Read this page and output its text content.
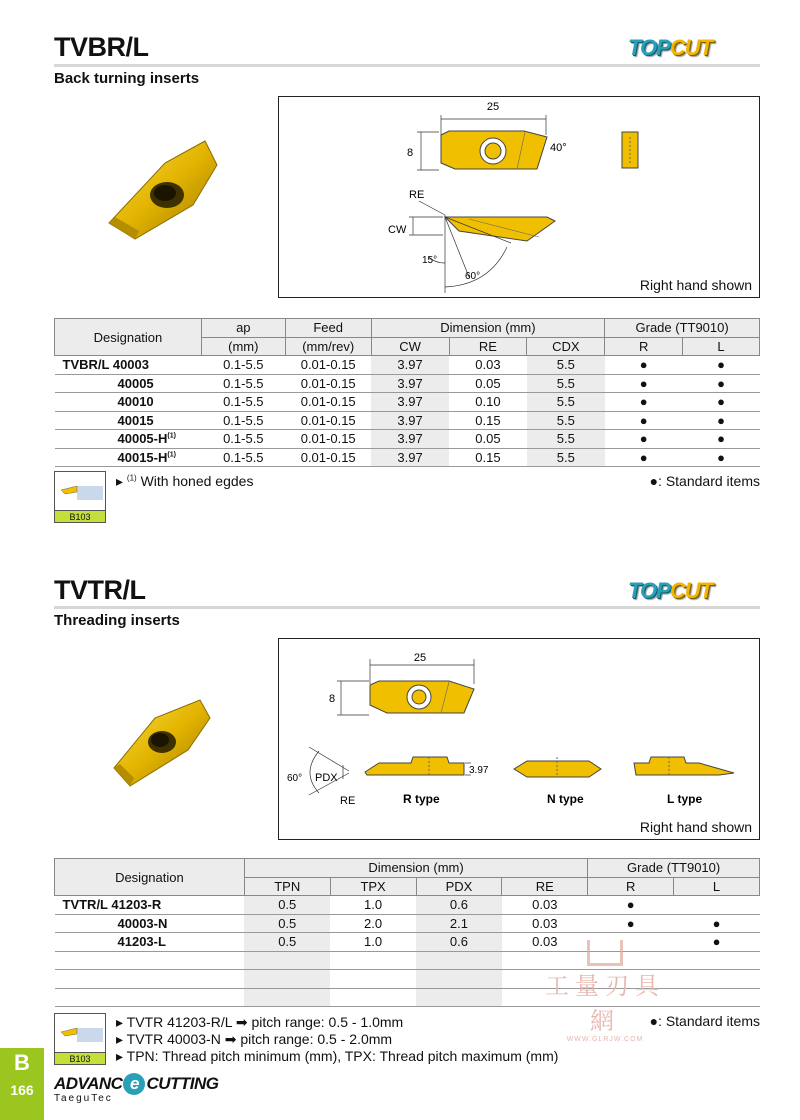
TVBR/L	TOPCUT
Back turning inserts
25
8	40°
RE
CW
15°
60°
Right hand shown
Designation	ap	Feed	Dimension (mm)			Grade (TT9010)	
	(mm)	(mm/rev)	CW	RE	CDX	R	L
TVBR/L 40003	0.1-5.5	0.01-0.15	3.97	0.03	5.5	●	●
40005	0.1-5.5	0.01-0.15	3.97	0.05	5.5	●	●
40010	0.1-5.5	0.01-0.15	3.97	0.10	5.5	●	●
40015	0.1-5.5	0.01-0.15	3.97	0.15	5.5	●	●
$40005-H^{(1)}$	0.1-5.5	0.01-0.15	3.97	0.05	5.5	●	●
$40015-H^{(1)}$	0.1-5.5	0.01-0.15	3.97	0.15	5.5	●	●
B103
▸ $^{(1)}$ With honed egdes	●: Standard items
TVTR/L	TOPCUT
Threading inserts
25
8
60° PDX
RE
3.97
R type	N type	L type
Right hand shown
Designation	Dimension (mm)				Grade (TT9010)	
	TPN	TPX	PDX	RE	R	L
TVTR/L 41203-R	0.5	1.0	0.6	0.03	●	
40003-N	0.5	2.0	2.1	0.03	●	●
41203-L	0.5	1.0	0.6	0.03		●

工量刃具網
WWW.GLRJW.COM
B103
▸ TVTR 41203-R/L ➡ pitch range: 0.5 - 1.0mm
▸ TVTR 40003-N ➡ pitch range: 0.5 - 2.0mm
▸ TPN: Thread pitch minimum (mm), TPX: Thread pitch maximum (mm)
●: Standard items
B
166	ADVANC e CUTTING
TaeguTec
